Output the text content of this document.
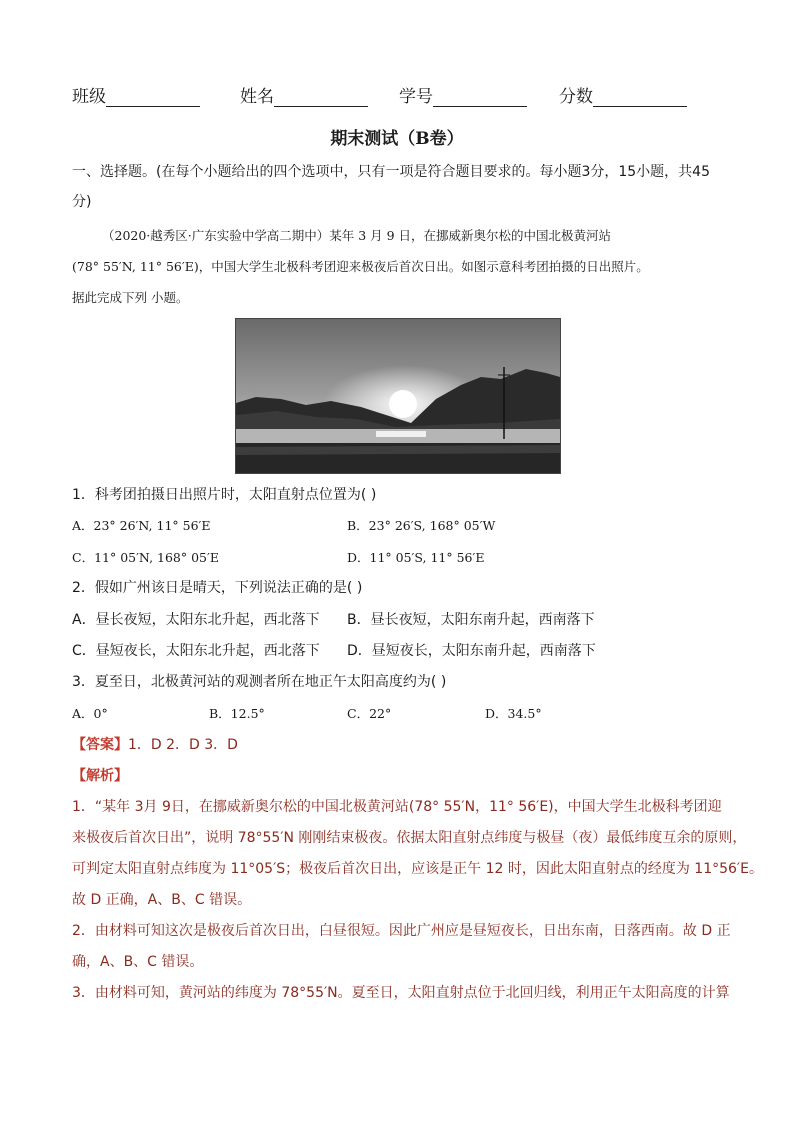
班级	姓名	学号	分数
期末测试（B卷）
一、选择题。(在每个小题给出的四个选项中，只有一项是符合题目要求的。每小题3分，15小题，共45
分)
（2020·越秀区·广东实验中学高二期中）某年 3 月 9 日，在挪威新奥尔松的中国北极黄河站
(78° 55′N, 11° 56′E)，中国大学生北极科考团迎来极夜后首次日出。如图示意科考团拍摄的日出照片。
据此完成下列 小题。
1．科考团拍摄日出照片时，太阳直射点位置为( )
A．23° 26′N, 11° 56′E	B．23° 26′S, 168° 05′W
C．11° 05′N, 168° 05′E	D．11° 05′S, 11° 56′E
2．假如广州该日是晴天，下列说法正确的是( )
A．昼长夜短，太阳东北升起，西北落下 B．昼长夜短，太阳东南升起，西南落下
C．昼短夜长，太阳东北升起，西北落下 D．昼短夜长，太阳东南升起，西南落下
3．夏至日，北极黄河站的观测者所在地正午太阳高度约为( )
A．0°	B．12.5°	C．22°	D．34.5°
【答案】1．D 2．D 3．D
【解析】
1．“某年 3月 9日，在挪威新奥尔松的中国北极黄河站(78° 55′N，11° 56′E)，中国大学生北极科考团迎
来极夜后首次日出”，说明 78°55′N 刚刚结束极夜。依据太阳直射点纬度与极昼（夜）最低纬度互余的原则，
可判定太阳直射点纬度为 11°05′S；极夜后首次日出，应该是正午 12 时，因此太阳直射点的经度为 11°56′E。
故 D 正确，A、B、C 错误。
2．由材料可知这次是极夜后首次日出，白昼很短。因此广州应是昼短夜长，日出东南，日落西南。故 D 正
确，A、B、C 错误。
3．由材料可知，黄河站的纬度为 78°55′N。夏至日，太阳直射点位于北回归线，利用正午太阳高度的计算
